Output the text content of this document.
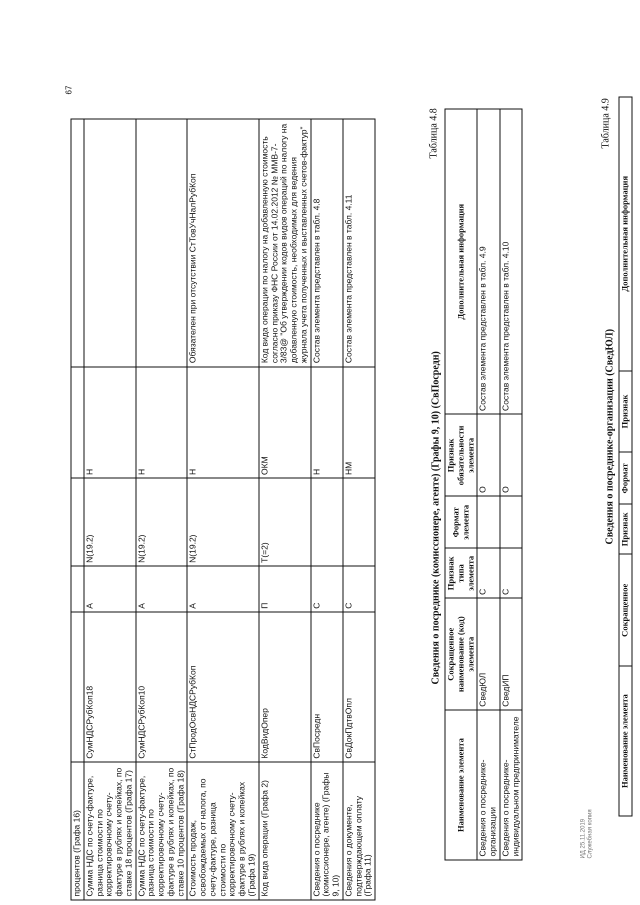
67
процентов (Графа 16)					
Сумма НДС по счету-фактуре, разница стоимости по корректировочному счету-фактуре в рублях и копейках, по ставке 18 процентов (Графа 17)	СумНДСРубКоп18	А	N(19.2)	Н	
Сумма НДС по счету-фактуре, разница стоимости по корректировочному счету-фактуре в рублях и копейках, по ставке 10 процентов (Графа 18)	СумНДСРубКоп10	А	N(19.2)	Н	
Стоимость продаж, освобождаемых от налога, по счету-фактуре, разница стоимости по корректировочному счету-фактуре в рублях и копейках (Графа 19)	СтПродОсвНДСРубКоп	А	N(19.2)	Н	Обязателен при отсутствии СтТовУчНалРубКоп
Код вида операции (Графа 2)	КодВидОпер	П	T(=2)	ОКМ	Код вида операции по налогу на добавленную стоимость согласно приказу ФНС России от 14.02.2012 № ММВ-7-3/83@ "Об утверждении кодов видов операций по налогу на добавленную стоимость, необходимых для ведения журнала учета полученных и выставленных счетов-фактур"
Сведения о посреднике (комиссионере, агенте) (Графы 9, 10)	СвПосредн	С		Н	Состав элемента представлен в табл. 4.8
Сведения о документе, подтверждающем оплату (Графа 11)	СвДокПдтвОпл	С		НМ	Состав элемента представлен в табл. 4.11
Таблица 4.8
Сведения о посреднике (комиссионере, агенте) (Графы 9, 10) (СвПосредн)
Наименование элемента	Сокращенное наименование (код) элемента	Признак типа элемента	Формат элемента	Признак обязательности элемента	Дополнительная информация
Сведения о посреднике-организации	СведЮЛ	С		О	Состав элемента представлен в табл. 4.9
Сведения о посреднике-индивидуальном предпринимателе	СведИП	С		О	Состав элемента представлен в табл. 4.10
Таблица 4.9
Сведения о посреднике-организации (СведЮЛ)
Наименование элемента	Сокращенное	Признак	Формат	Признак	Дополнительная информация
ИД 25.11.2019 Служебная копия
